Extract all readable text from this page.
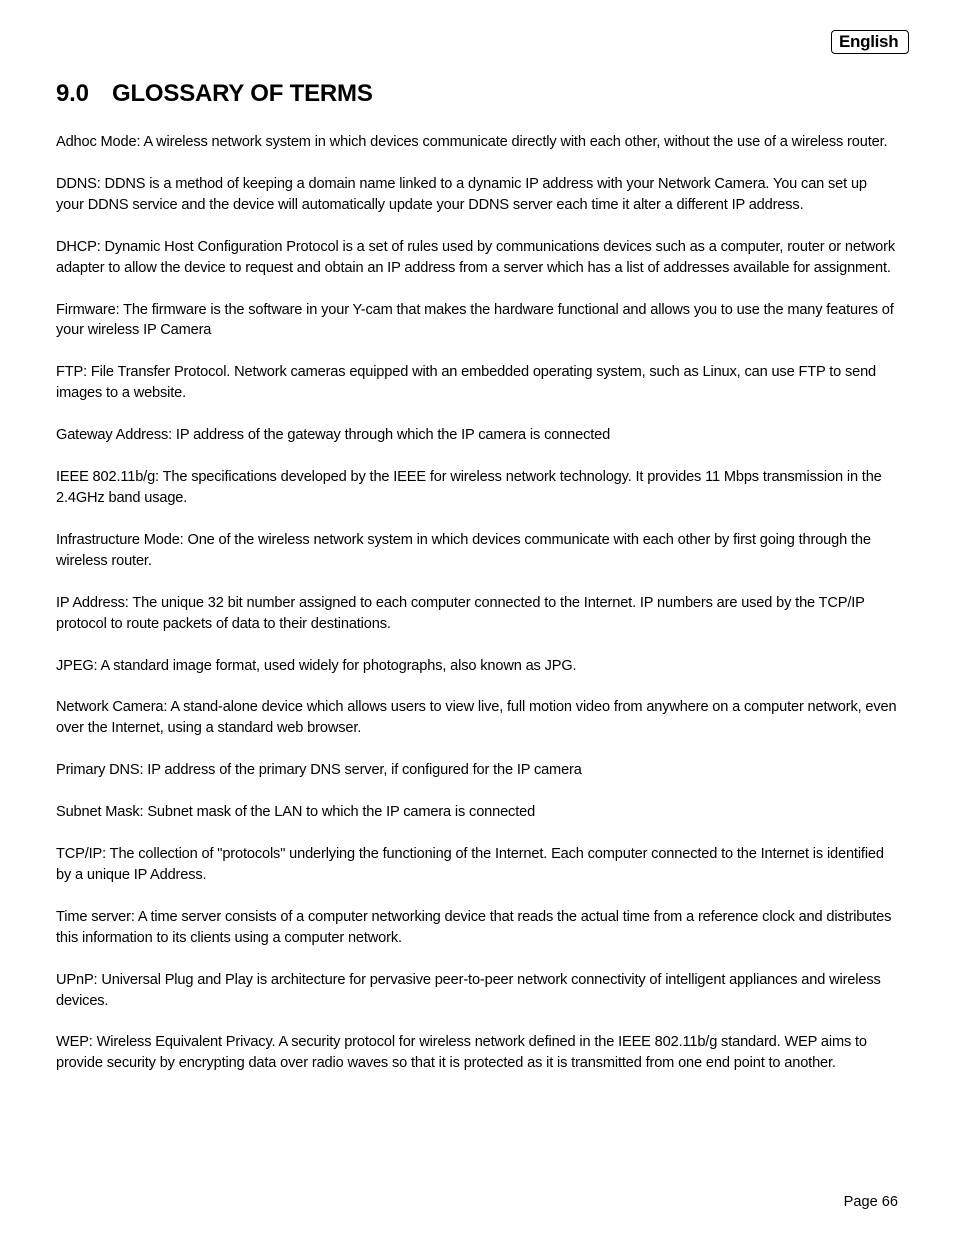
English
9.0 GLOSSARY OF TERMS
Adhoc Mode: A wireless network system in which devices communicate directly with each other, without the use of a wireless router.
DDNS: DDNS is a method of keeping a domain name linked to a dynamic IP address with your Network Camera. You can set up your DDNS service and the device will automatically update your DDNS server each time it alter a different IP address.
DHCP: Dynamic Host Configuration Protocol is a set of rules used by communications devices such as a computer, router or network adapter to allow the device to request and obtain an IP address from a server which has a list of addresses available for assignment.
Firmware: The firmware is the software in your Y-cam that makes the hardware functional and allows you to use the many features of your wireless IP Camera
FTP: File Transfer Protocol. Network cameras equipped with an embedded operating system, such as Linux, can use FTP to send images to a website.
Gateway Address: IP address of the gateway through which the IP camera is connected
IEEE 802.11b/g: The specifications developed by the IEEE for wireless network technology. It provides 11 Mbps transmission in the 2.4GHz band usage.
Infrastructure Mode: One of the wireless network system in which devices communicate with each other by first going through the wireless router.
IP Address: The unique 32 bit number assigned to each computer connected to the Internet. IP numbers are used by the TCP/IP protocol to route packets of data to their destinations.
JPEG: A standard image format, used widely for photographs, also known as JPG.
Network Camera: A stand-alone device which allows users to view live, full motion video from anywhere on a computer network, even over the Internet, using a standard web browser.
Primary DNS: IP address of the primary DNS server, if configured for the IP camera
Subnet Mask: Subnet mask of the LAN to which the IP camera is connected
TCP/IP: The collection of "protocols" underlying the functioning of the Internet. Each computer connected to the Internet is identified by a unique IP Address.
Time server: A time server consists of a computer networking device that reads the actual time from a reference clock and distributes this information to its clients using a computer network.
UPnP: Universal Plug and Play is architecture for pervasive peer-to-peer network connectivity of intelligent appliances and wireless devices.
WEP: Wireless Equivalent Privacy. A security protocol for wireless network defined in the IEEE 802.11b/g standard. WEP aims to provide security by encrypting data over radio waves so that it is protected as it is transmitted from one end point to another.
Page 66
